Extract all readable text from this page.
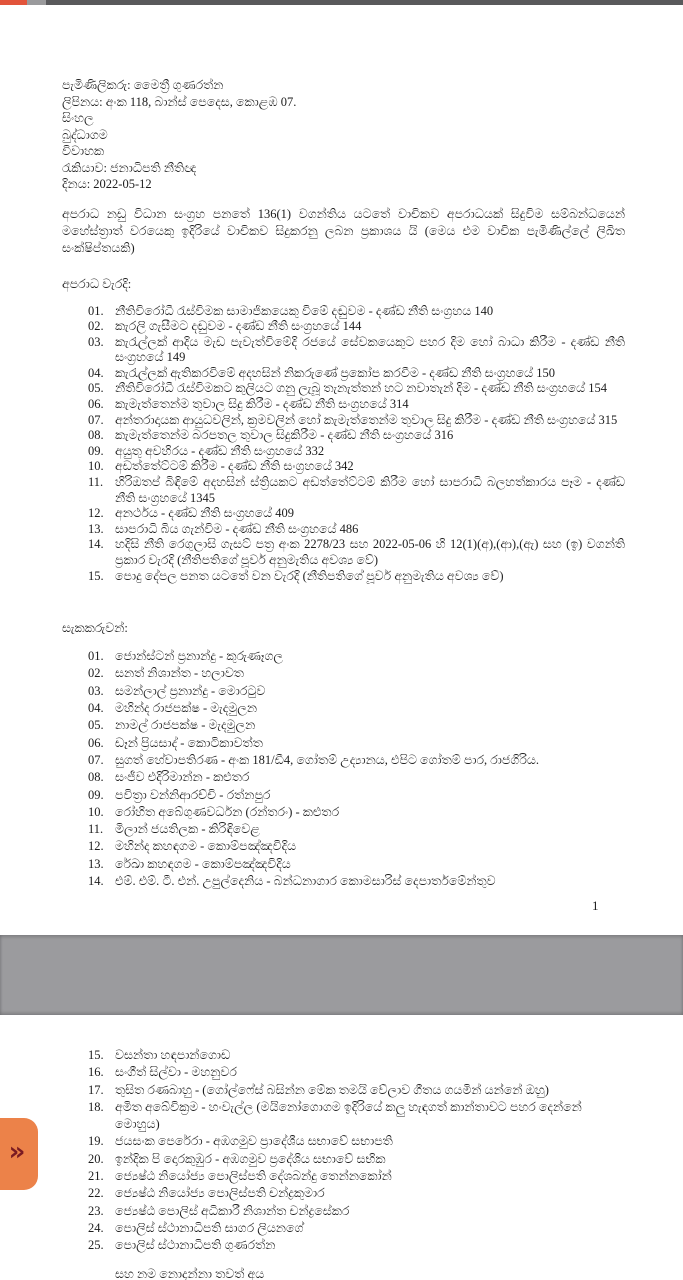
පැමිණිලිකරු: මෛත්‍රී ගුණරත්න
ලිපිනය: අංක 118, බාන්ස් පෙදෙස, කොළඹ 07.
සිංහල
බුද්ධාගම
විවාහක
රැකියාව: ජනාධිපති නීතිඥ
දිනය: 2022-05-12
අපරාධ නඩු විධාන සංග්‍රහ පනතේ 136(1) වගන්තිය යටතේ වාචිකව අපරාධයක් සිදුවිම සම්බන්ධයෙන් මහේස්ත්‍රාත් වරයෙකු ඉදිරියේ වාචිකව සිදුකරනු ලබන ප්‍රකාශය යි (මෙය එම වාචික පැමිණිල්ලේ ලිඛිත සංක්ෂිප්තයකි)
අපරාධ වැරදි:
01. නීතිවිරෝධී රැස්විමක සාමාජිකයෙකු විමේ දඬුවම - දණ්ඩ නීති සංග්‍රහය 140
02. කැරලි ගැසීමට දඬුවම - දණ්ඩ නීති සංග්‍රහයේ 144
03. කැරැල්ලක් ආදිය මැඩ පැවැත්විමේදි රජයේ සේවකයෙකුට පහර දිම හෝ බාධා කිරීම - දණ්ඩ නීති සංග්‍රහයේ 149
04. කැරැල්ලක් ඇතිකරවිමේ අදහසින් නිකරුණේ ප්‍රකෝප කරවීම - දණ්ඩ නීති සංග්‍රහයේ 150
05. නීතිවිරෝධී රැස්විමකට කුලියට ගනු ලැබූ තැනැත්තන් හට නවාතැන් දිම - දණ්ඩ නීති සංග්‍රහයේ 154
06. කැමැත්තෙන්ම තුවාල සිදු කිරීම - දණ්ඩ නීති සංග්‍රහයේ 314
07. අන්තරාදායක ආයුධවලින්, ක්‍රමවලින් හෝ කැමැත්තෙන්ම තුවාල සිදු කිරීම - දණ්ඩ නීති සංග්‍රහයේ 315
08. කැමැත්තෙන්ම බරපතල තුවාල සිදුකිරීම - දණ්ඩ නීති සංග්‍රහයේ 316
09. අයුතු අවහිරය - දණ්ඩ නීති සංග්‍රහයේ 332
10. අඩත්තේට්ටම් කිරීම - දණ්ඩ නීති සංග්‍රහයේ 342
11. හිරිඔතප් බිඳිමේ අදහසින් ස්ත්‍රියකට අඩත්තේට්ටම් කිරීම හෝ සාපරාධි බලහත්කාරය පෑම - දණ්ඩ නීති සංග්‍රහයේ 1345
12. අනර්ථය - දණ්ඩ නීති සංග්‍රහයේ 409
13. සාපරාධි බිය ගැන්විම - දණ්ඩ නීති සංග්‍රහයේ 486
14. හදිසි නීති රෙගුලාසි ගැසට් පත්‍ර අංක 2278/23 සහ 2022-05-06 හි 12(1)(අ),(ආ),(ඇ) සහ (ඉ) වගන්ති ප්‍රකාර වැරදි (නීතිපතිගේ පූර්ව අනුමැතිය අවශ්‍ය වේ)
15. පොදු දේපල පනත යටතේ වන වැරදි (නීතිපතිගේ පූර්ව අනුමැතිය අවශ්‍ය වේ)
සැකකරුවන්:
01. ජොන්ස්ටන් ප්‍රනාන්දු - කුරුණෑගල
02. සනත් නිශාන්ත - හලාවත
03. සමන්ලාල් ප්‍රනාන්දු - මොරටුව
04. මහින්ද රාජපක්ෂ - මැදමුලන
05. නාමල් රාජපක්ෂ - මැදමුලන
06. ඩෑන් ප්‍රියසාද් - කොටිකාවත්ත
07. සුගත් හේවාපතිරණ - අංක 181/ඩී4, ගෝතම් උද්‍යානය, එපිට ගෝතම් පාර, රාජගිරිය.
08. සංජීව එදිරිමාන්න - කළුතර
09. පවිත්‍රා වන්නිආරච්චි - රත්නපුර
10. රෝහිත අබේගුණවර්ධන (රන්තරං) - කළුතර
11. මිලාන් ජයතිලක - කිරිඳිවෙළ
12. මහින්ද කහඳගම - කොම්පඤ්ඤවිදිය
13. රේඛා කහඳගම - කොම්පඤ්ඤවිදිය
14. එම්. එම්. ටී. එන්. උපුල්දෙනිය - බන්ධනාගාර කොමසාරිස් දෙපාර්තමේන්තුව
1
15. වසන්තා හඳපාන්ගොඩ
16. සංගීත් සිල්වා - මහනුවර
17. තුසිත රණබාහු - (ගෝල්ෆේස් බසින්න මේක තමයි වේලාව ගීතය ගයමින් යන්නේ ඔහු)
18. අමිත අබේවික්‍රම - හංවැල්ල (මයිනෝගොගම ඉදිරියේ කලු හැඳගත් කාන්තාවට පහර දෙන්නේ මොහුය)
19. ජයසංක පෙරේරා - අඹගමුව ප්‍රාදේශීය සභාවේ සභාපති
20. ඉන්දික පි දොරකුඹුර - අඹගමුව ප්‍රදේශිය සභාවේ සභික
21. ජ්‍යෙෂ්ඨ නියෝජ්‍ය පොලිස්පති දේශබන්දු තෙන්නකෝන්
22. ජ්‍යෙෂ්ඨ නියෝජ්‍ය පොලිස්පති චන්ද්‍රකුමාර
23. ජ්‍යෙෂ්ඨ පොලිස් අධිකාරී නිශාන්ත චන්ද්‍රසේකර
24. පොලිස් ස්ථානාධිපති සාගර ලියනගේ
25. පොලිස් ස්ථානාධිපති ගුණරත්න
සහ නම නොදන්නා තවත් අය
»
